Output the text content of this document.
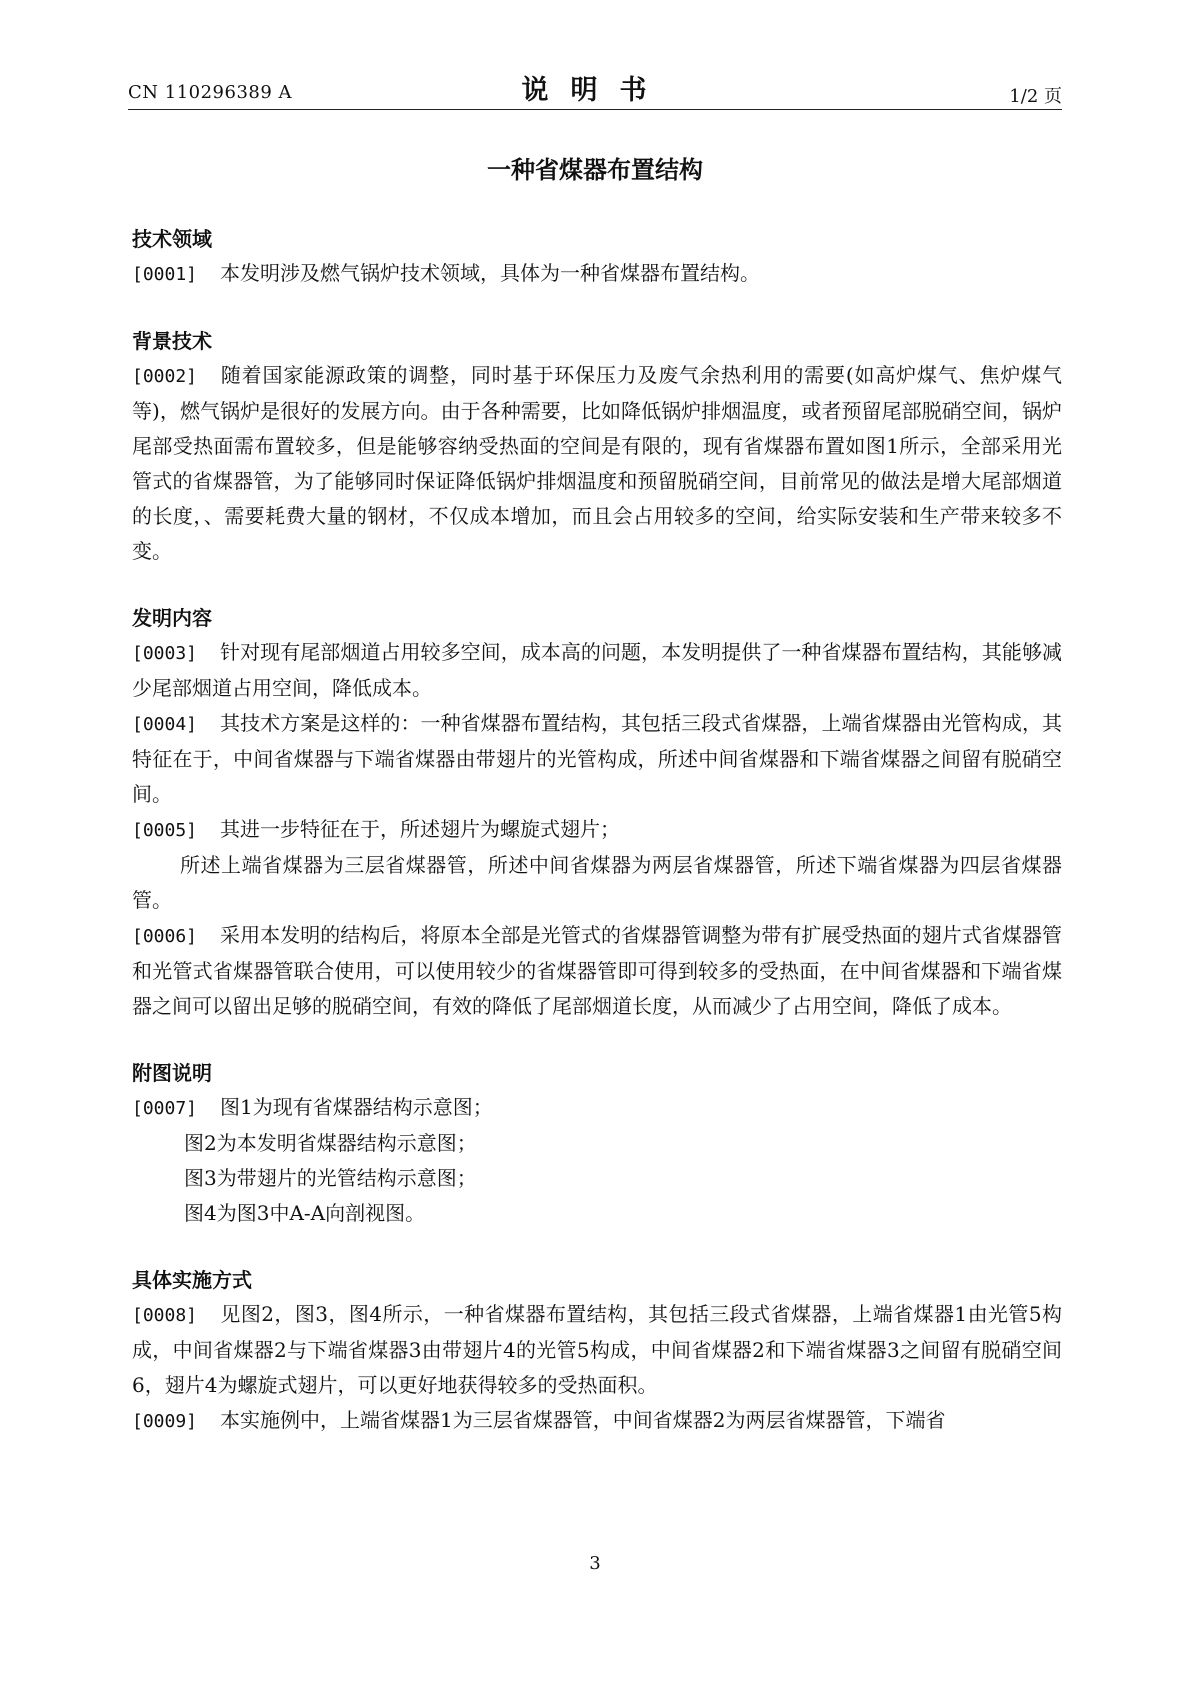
CN 110296389 A	说明书	1/2 页
一种省煤器布置结构
技术领域

[0001] 本发明涉及燃气锅炉技术领域，具体为一种省煤器布置结构。

背景技术

[0002] 随着国家能源政策的调整，同时基于环保压力及废气余热利用的需要(如高炉煤气、焦炉煤气等)，燃气锅炉是很好的发展方向。由于各种需要，比如降低锅炉排烟温度，或者预留尾部脱硝空间，锅炉尾部受热面需布置较多，但是能够容纳受热面的空间是有限的，现有省煤器布置如图1所示，全部采用光管式的省煤器管，为了能够同时保证降低锅炉排烟温度和预留脱硝空间，目前常见的做法是增大尾部烟道的长度，、需要耗费大量的钢材，不仅成本增加，而且会占用较多的空间，给实际安装和生产带来较多不变。

发明内容

[0003] 针对现有尾部烟道占用较多空间，成本高的问题，本发明提供了一种省煤器布置结构，其能够减少尾部烟道占用空间，降低成本。

[0004] 其技术方案是这样的：一种省煤器布置结构，其包括三段式省煤器，上端省煤器由光管构成，其特征在于，中间省煤器与下端省煤器由带翅片的光管构成，所述中间省煤器和下端省煤器之间留有脱硝空间。

[0005] 其进一步特征在于，所述翅片为螺旋式翅片；

所述上端省煤器为三层省煤器管，所述中间省煤器为两层省煤器管，所述下端省煤器为四层省煤器管。

[0006] 采用本发明的结构后，将原本全部是光管式的省煤器管调整为带有扩展受热面的翅片式省煤器管和光管式省煤器管联合使用，可以使用较少的省煤器管即可得到较多的受热面，在中间省煤器和下端省煤器之间可以留出足够的脱硝空间，有效的降低了尾部烟道长度，从而减少了占用空间，降低了成本。

附图说明

[0007] 图1为现有省煤器结构示意图；

图2为本发明省煤器结构示意图；

图3为带翅片的光管结构示意图；

图4为图3中A-A向剖视图。

具体实施方式

[0008] 见图2，图3，图4所示，一种省煤器布置结构，其包括三段式省煤器，上端省煤器1由光管5构成，中间省煤器2与下端省煤器3由带翅片4的光管5构成，中间省煤器2和下端省煤器3之间留有脱硝空间6，翅片4为螺旋式翅片，可以更好地获得较多的受热面积。

[0009] 本实施例中，上端省煤器1为三层省煤器管，中间省煤器2为两层省煤器管，下端省

3
